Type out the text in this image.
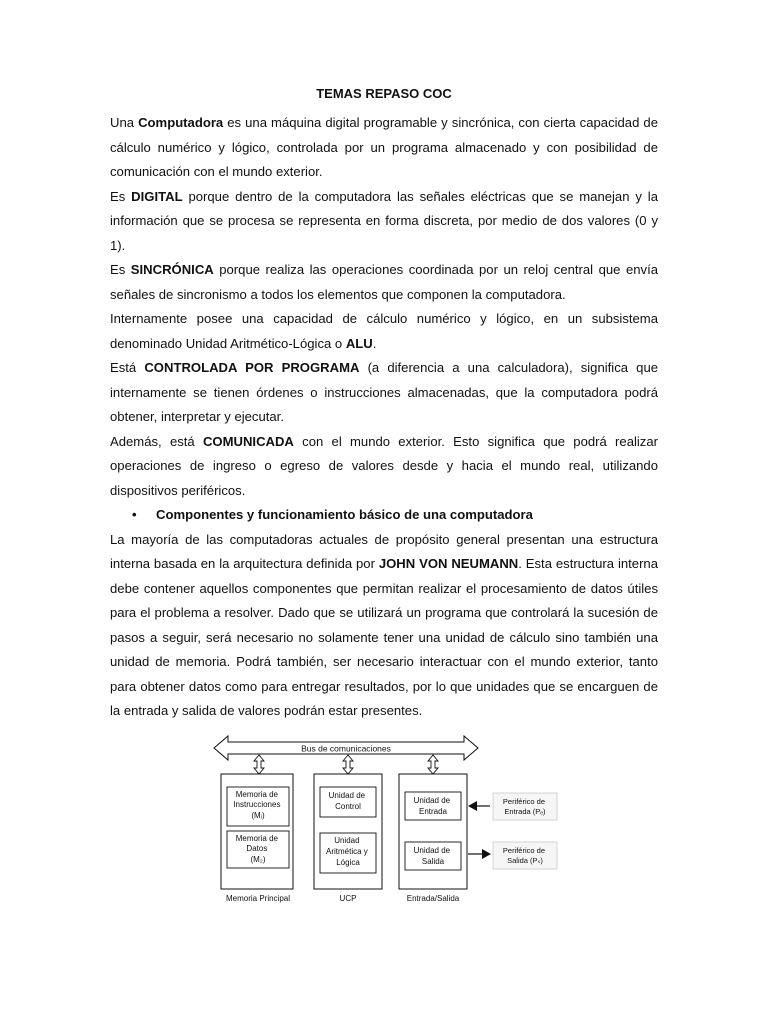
TEMAS REPASO COC

Una Computadora es una máquina digital programable y sincrónica, con cierta capacidad de cálculo numérico y lógico, controlada por un programa almacenado y con posibilidad de comunicación con el mundo exterior.

Es DIGITAL porque dentro de la computadora las señales eléctricas que se manejan y la información que se procesa se representa en forma discreta, por medio de dos valores (0 y 1).

Es SINCRÓNICA porque realiza las operaciones coordinada por un reloj central que envía señales de sincronismo a todos los elementos que componen la computadora.

Internamente posee una capacidad de cálculo numérico y lógico, en un subsistema denominado Unidad Aritmético-Lógica o ALU.

Está CONTROLADA POR PROGRAMA (a diferencia a una calculadora), significa que internamente se tienen órdenes o instrucciones almacenadas, que la computadora podrá obtener, interpretar y ejecutar.

Además, está COMUNICADA con el mundo exterior. Esto significa que podrá realizar operaciones de ingreso o egreso de valores desde y hacia el mundo real, utilizando dispositivos periféricos.

• Componentes y funcionamiento básico de una computadora

La mayoría de las computadoras actuales de propósito general presentan una estructura interna basada en la arquitectura definida por JOHN VON NEUMANN. Esta estructura interna debe contener aquellos componentes que permitan realizar el procesamiento de datos útiles para el problema a resolver. Dado que se utilizará un programa que controlará la sucesión de pasos a seguir, será necesario no solamente tener una unidad de cálculo sino también una unidad de memoria. Podrá también, ser necesario interactuar con el mundo exterior, tanto para obtener datos como para entregar resultados, por lo que unidades que se encarguen de la entrada y salida de valores podrán estar presentes.

Bus de comunicaciones
Memoria de Instrucciones (Mᵢ)
Memoria de Datos (M₂)
Unidad de Control
Unidad Aritmética y Lógica
Unidad de Entrada
Unidad de Salida
Periférico de Entrada (Pₑ)
Periférico de Salida (Pₛ)
Memoria Principal	UCP	Entrada/Salida
